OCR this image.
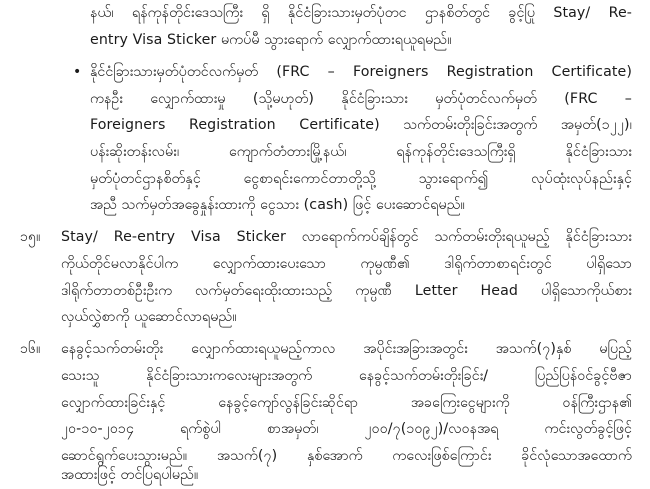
နယ်၊ ရန်ကုန်တိုင်းဒေသကြီး ရှိ နိုင်ငံခြားသားမှတ်ပုံတင ဌာနစိတ်တွင် ခွင့်ပြု Stay/ Re-
entry Visa Sticker မကပ်မီ သွားရောက် လျှောက်ထားရယူရမည်။
• နိုင်ငံခြားသားမှတ်ပုံတင်လက်မှတ် (FRC – Foreigners Registration Certificate)
ကနဦး လျှောက်ထားမှု (သို့မဟုတ်) နိုင်ငံခြားသား မှတ်ပုံတင်လက်မှတ် (FRC –
Foreigners Registration Certificate) သက်တမ်းတိုးခြင်းအတွက် အမှတ်(၁၂၂)၊
ပန်းဆိုးတန်းလမ်း၊ ကျောက်တံတားမြို့နယ်၊ ရန်ကုန်တိုင်းဒေသကြီးရှိ နိုင်ငံခြားသား
မှတ်ပုံတင်ဌာနစိတ်နှင့် ငွေစာရင်းကောင်တာတို့သို့ သွားရောက်၍ လုပ်ထုံးလုပ်နည်းနှင့်
အညီ သက်မှတ်အခွေနှုန်းထားကို ငွေသား (cash) ဖြင့် ပေးဆောင်ရမည်။
၁၅။ Stay/ Re-entry Visa Sticker လာရောက်ကပ်ချိန်တွင် သက်တမ်းတိုးရယူမည့် နိုင်ငံခြားသား
ကိုယ်တိုင်မလာနိုင်ပါက လျှောက်ထားပေးသော ကုမ္ပဏီ၏ ဒါရိုက်တာစာရင်းတွင် ပါရှိသော
ဒါရိုက်တာတစ်ဦးဦးက လက်မှတ်ရေးထိုးထားသည့် ကုမ္ပဏီ Letter Head ပါရှိသောကိုယ်စား
လှယ်လွှဲစာကို ယူဆောင်လာရမည်။
၁၆။ နေခွင့်သက်တမ်းတိုး လျှောက်ထားရယူမည့်ကာလ အပိုင်းအခြားအတွင်း အသက်(၇)နှစ် မပြည့်
သေးသူ နိုင်ငံခြားသားကလေးများအတွက် နေခွင့်သက်တမ်းတိုးခြင်း/ ပြည်ပြန်ဝင်ခွင့်ဗီဇာ
လျှောက်ထားခြင်းနှင့် နေခွင့်ကျော်လွန်ခြင်းဆိုင်ရာ အခကြေးငွေများကို ဝန်ကြီးဌာန၏
၂၀-၁၀-၂၀၁၄ ရက်စွဲပါ စာအမှတ်၊ ၂၀၀/၇(၁၀၉၂)/လဝနအရ ကင်းလွတ်ခွင့်ဖြင့်
ဆောင်ရွက်ပေးသွားမည်။ အသက်(၇) နှစ်အောက် ကလေးဖြစ်ကြောင်း ခိုင်လုံသောအထောက်
အထားဖြင့် တင်ပြရပါမည်။
